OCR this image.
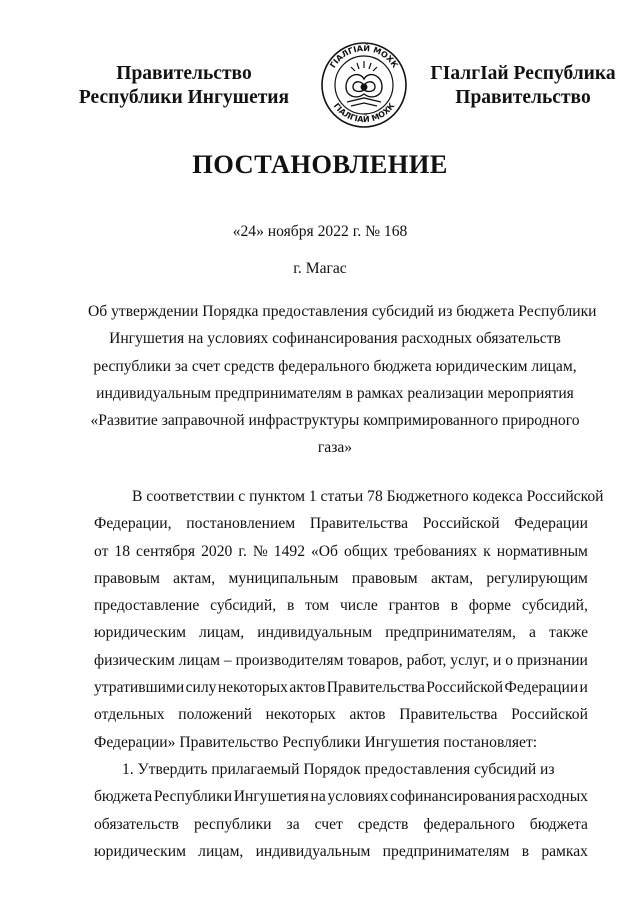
Правительство
Республики Ингушетия
ГIалгIай Республика
Правительство
ГIАЛГIАЙ МОХК
ГIАЛГIАЙ МОХК
ПОСТАНОВЛЕНИЕ
«24» ноября 2022 г. № 168
г. Магас
Об утверждении Порядка предоставления субсидий из бюджета Республики
Ингушетия на условиях софинансирования расходных обязательств
республики за счет средств федерального бюджета юридическим лицам,
индивидуальным предпринимателям в рамках реализации мероприятия
«Развитие заправочной инфраструктуры компримированного природного
газа»
В соответствии с пунктом 1 статьи 78 Бюджетного кодекса Российской
Федерации, постановлением Правительства Российской Федерации
от 18 сентября 2020 г. № 1492 «Об общих требованиях к нормативным
правовым актам, муниципальным правовым актам, регулирующим
предоставление субсидий, в том числе грантов в форме субсидий,
юридическим лицам, индивидуальным предпринимателям, а также
физическим лицам – производителям товаров, работ, услуг, и о признании
утратившими силу некоторых актов Правительства Российской Федерации и
отдельных положений некоторых актов Правительства Российской
Федерации» Правительство Республики Ингушетия постановляет:
1. Утвердить прилагаемый Порядок предоставления субсидий из
бюджета Республики Ингушетия на условиях софинансирования расходных
обязательств республики за счет средств федерального бюджета
юридическим лицам, индивидуальным предпринимателям в рамках
